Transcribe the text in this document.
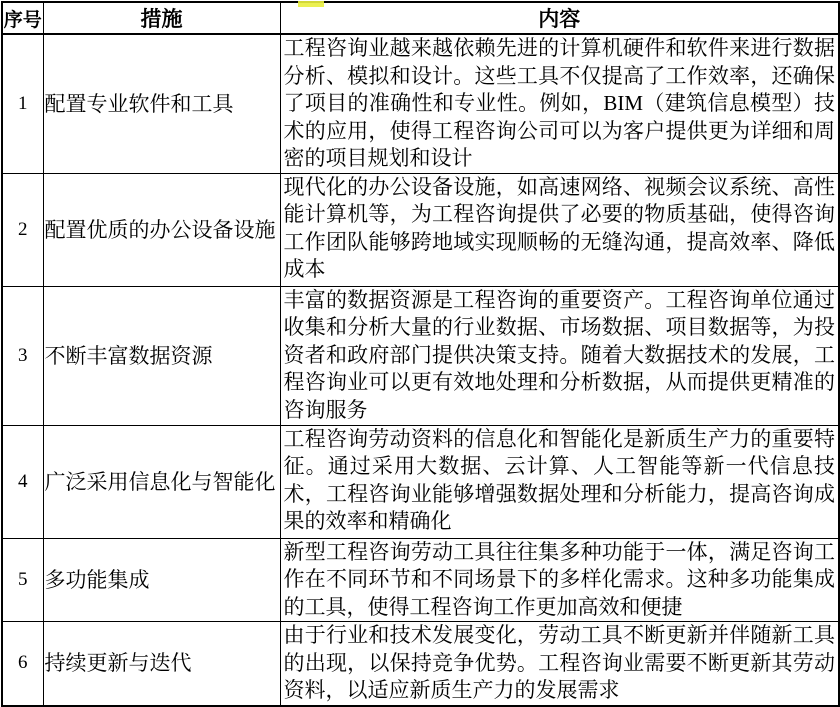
序号	措施	内容
1	配置专业软件和工具	工程咨询业越来越依赖先进的计算机硬件和软件来进行数据分析、模拟和设计。这些工具不仅提高了工作效率，还确保了项目的准确性和专业性。例如，BIM（建筑信息模型）技术的应用，使得工程咨询公司可以为客户提供更为详细和周密的项目规划和设计
2	配置优质的办公设备设施	现代化的办公设备设施，如高速网络、视频会议系统、高性能计算机等，为工程咨询提供了必要的物质基础，使得咨询工作团队能够跨地域实现顺畅的无缝沟通，提高效率、降低成本
3	不断丰富数据资源	丰富的数据资源是工程咨询的重要资产。工程咨询单位通过收集和分析大量的行业数据、市场数据、项目数据等，为投资者和政府部门提供决策支持。随着大数据技术的发展，工程咨询业可以更有效地处理和分析数据，从而提供更精准的咨询服务
4	广泛采用信息化与智能化	工程咨询劳动资料的信息化和智能化是新质生产力的重要特征。通过采用大数据、云计算、人工智能等新一代信息技术，工程咨询业能够增强数据处理和分析能力，提高咨询成果的效率和精确化
5	多功能集成	新型工程咨询劳动工具往往集多种功能于一体，满足咨询工作在不同环节和不同场景下的多样化需求。这种多功能集成的工具，使得工程咨询工作更加高效和便捷
6	持续更新与迭代	由于行业和技术发展变化，劳动工具不断更新并伴随新工具的出现，以保持竞争优势。工程咨询业需要不断更新其劳动资料，以适应新质生产力的发展需求
